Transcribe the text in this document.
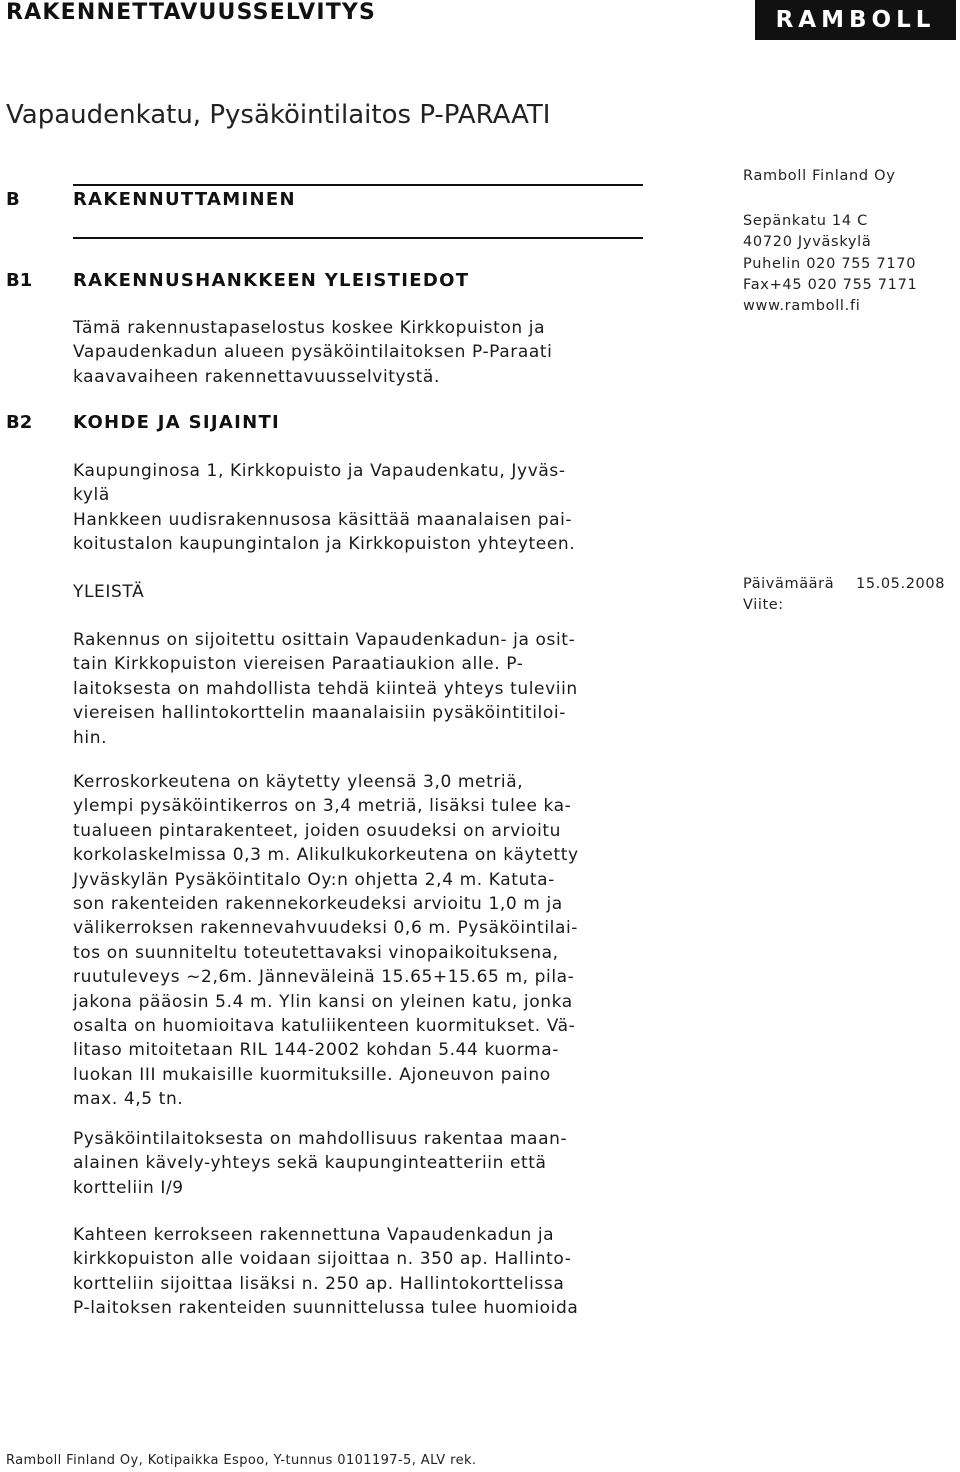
RAKENNETTAVUUSSELVITYS	RAMBOLL
Vapaudenkatu, Pysäköintilaitos P-PARAATI
B	RAKENNUTTAMINEN
B1 RAKENNUSHANKKEEN YLEISTIEDOT

Tämä rakennustapaselostus koskee Kirkkopuiston ja

Vapaudenkadun alueen pysäköintilaitoksen P-Paraati

kaavavaiheen rakennettavuusselvitystä.

Ramboll Finland Oy
Sepänkatu 14 C
40720 Jyväskylä
Puhelin 020 755 7170
Fax+45 020 755 7171
www.ramboll.fi
B2 KOHDE JA SIJAINTI

Kaupunginosa 1, Kirkkopuisto ja Vapaudenkatu, Jyväs-

kylä

Hankkeen uudisrakennusosa käsittää maanalaisen pai-

koitustalon kaupungintalon ja Kirkkopuiston yhteyteen.

YLEISTÄ	Päivämäärä	15.05.2008
Viite:

Rakennus on sijoitettu osittain Vapaudenkadun- ja osit-

tain Kirkkopuiston viereisen Paraatiaukion alle. P-

laitoksesta on mahdollista tehdä kiinteä yhteys tuleviin

viereisen hallintokorttelin maanalaisiin pysäköintitiloi-

hin.

Kerroskorkeutena on käytetty yleensä 3,0 metriä,

ylempi pysäköintikerros on 3,4 metriä, lisäksi tulee ka-

tualueen pintarakenteet, joiden osuudeksi on arvioitu

korkolaskelmissa 0,3 m. Alikulkukorkeutena on käytetty

Jyväskylän Pysäköintitalo Oy:n ohjetta 2,4 m. Katuta-

son rakenteiden rakennekorkeudeksi arvioitu 1,0 m ja

välikerroksen rakennevahvuudeksi 0,6 m. Pysäköintilai-

tos on suunniteltu toteutettavaksi vinopaikoituksena,

ruutuleveys ~2,6m. Jänneväleinä 15.65+15.65 m, pila-

jakona pääosin 5.4 m. Ylin kansi on yleinen katu, jonka

osalta on huomioitava katuliikenteen kuormitukset. Vä-

litaso mitoitetaan RIL 144-2002 kohdan 5.44 kuorma-

luokan III mukaisille kuormituksille. Ajoneuvon paino

max. 4,5 tn.

Pysäköintilaitoksesta on mahdollisuus rakentaa maan-

alainen kävely-yhteys sekä kaupunginteatteriin että

kortteliin I/9

Kahteen kerrokseen rakennettuna Vapaudenkadun ja

kirkkopuiston alle voidaan sijoittaa n. 350 ap. Hallinto-

kortteliin sijoittaa lisäksi n. 250 ap. Hallintokorttelissa

P-laitoksen rakenteiden suunnittelussa tulee huomioida

Ramboll Finland Oy, Kotipaikka Espoo, Y-tunnus 0101197-5, ALV rek.
